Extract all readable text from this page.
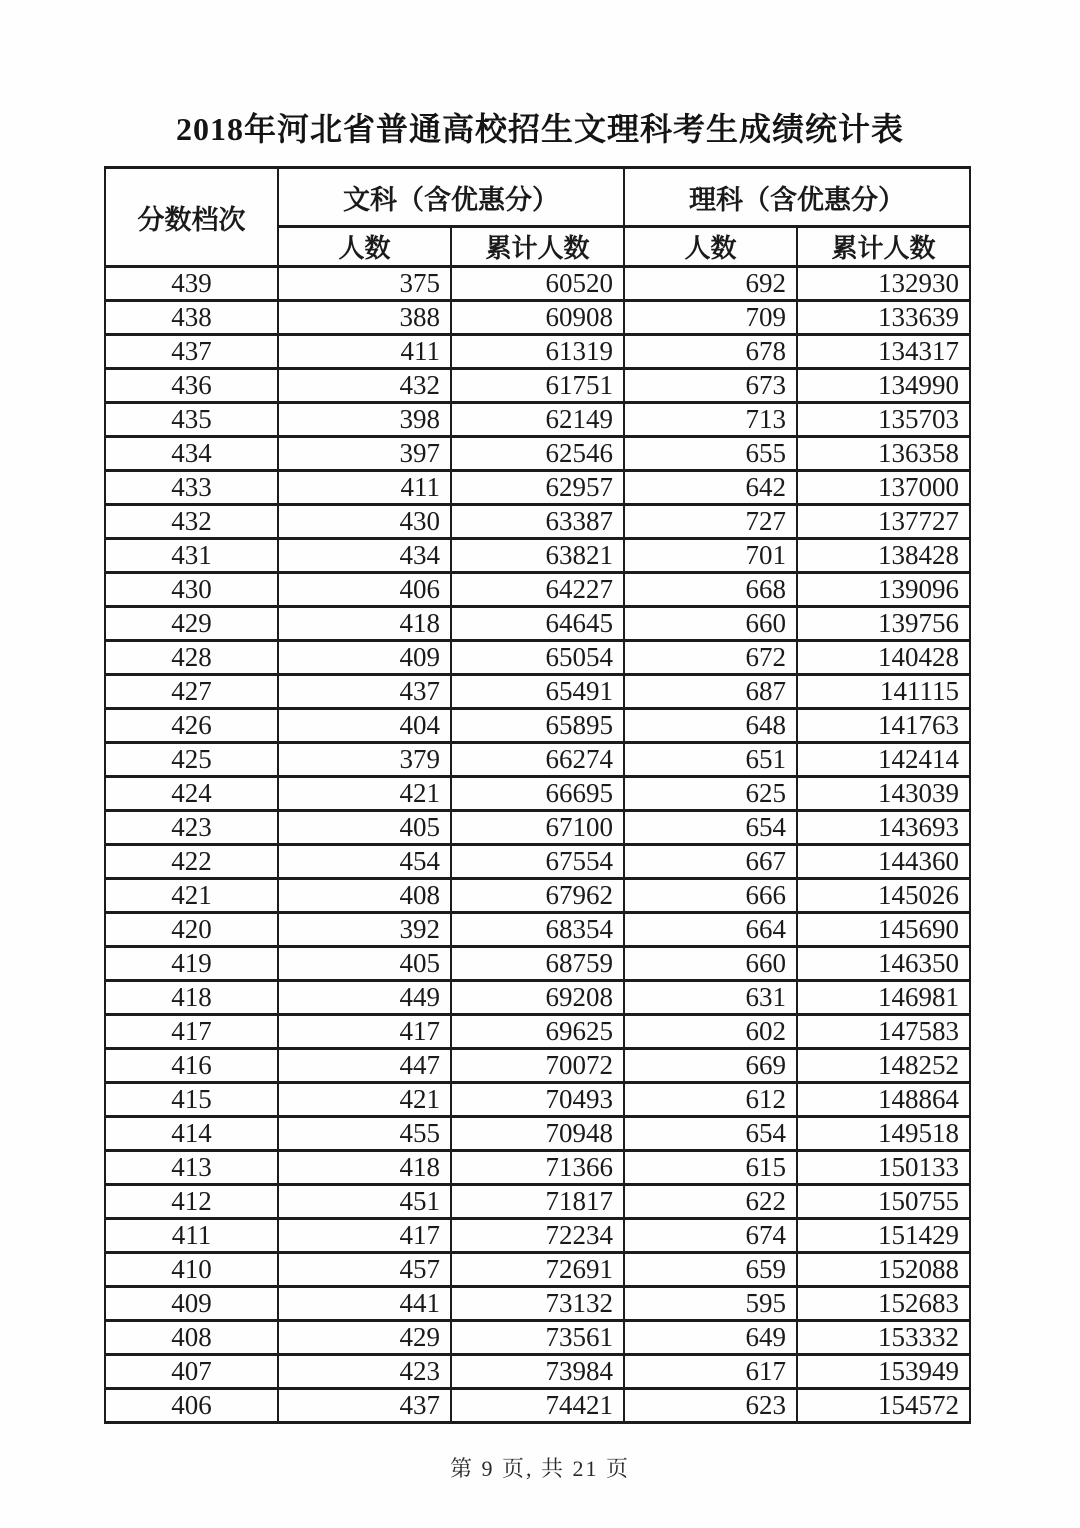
2018年河北省普通高校招生文理科考生成绩统计表
分数档次	文科（含优惠分）		理科（含优惠分）	
	人数	累计人数	人数	累计人数
439	375	60520	692	132930
438	388	60908	709	133639
437	411	61319	678	134317
436	432	61751	673	134990
435	398	62149	713	135703
434	397	62546	655	136358
433	411	62957	642	137000
432	430	63387	727	137727
431	434	63821	701	138428
430	406	64227	668	139096
429	418	64645	660	139756
428	409	65054	672	140428
427	437	65491	687	141115
426	404	65895	648	141763
425	379	66274	651	142414
424	421	66695	625	143039
423	405	67100	654	143693
422	454	67554	667	144360
421	408	67962	666	145026
420	392	68354	664	145690
419	405	68759	660	146350
418	449	69208	631	146981
417	417	69625	602	147583
416	447	70072	669	148252
415	421	70493	612	148864
414	455	70948	654	149518
413	418	71366	615	150133
412	451	71817	622	150755
411	417	72234	674	151429
410	457	72691	659	152088
409	441	73132	595	152683
408	429	73561	649	153332
407	423	73984	617	153949
406	437	74421	623	154572
第 9 页, 共 21 页
